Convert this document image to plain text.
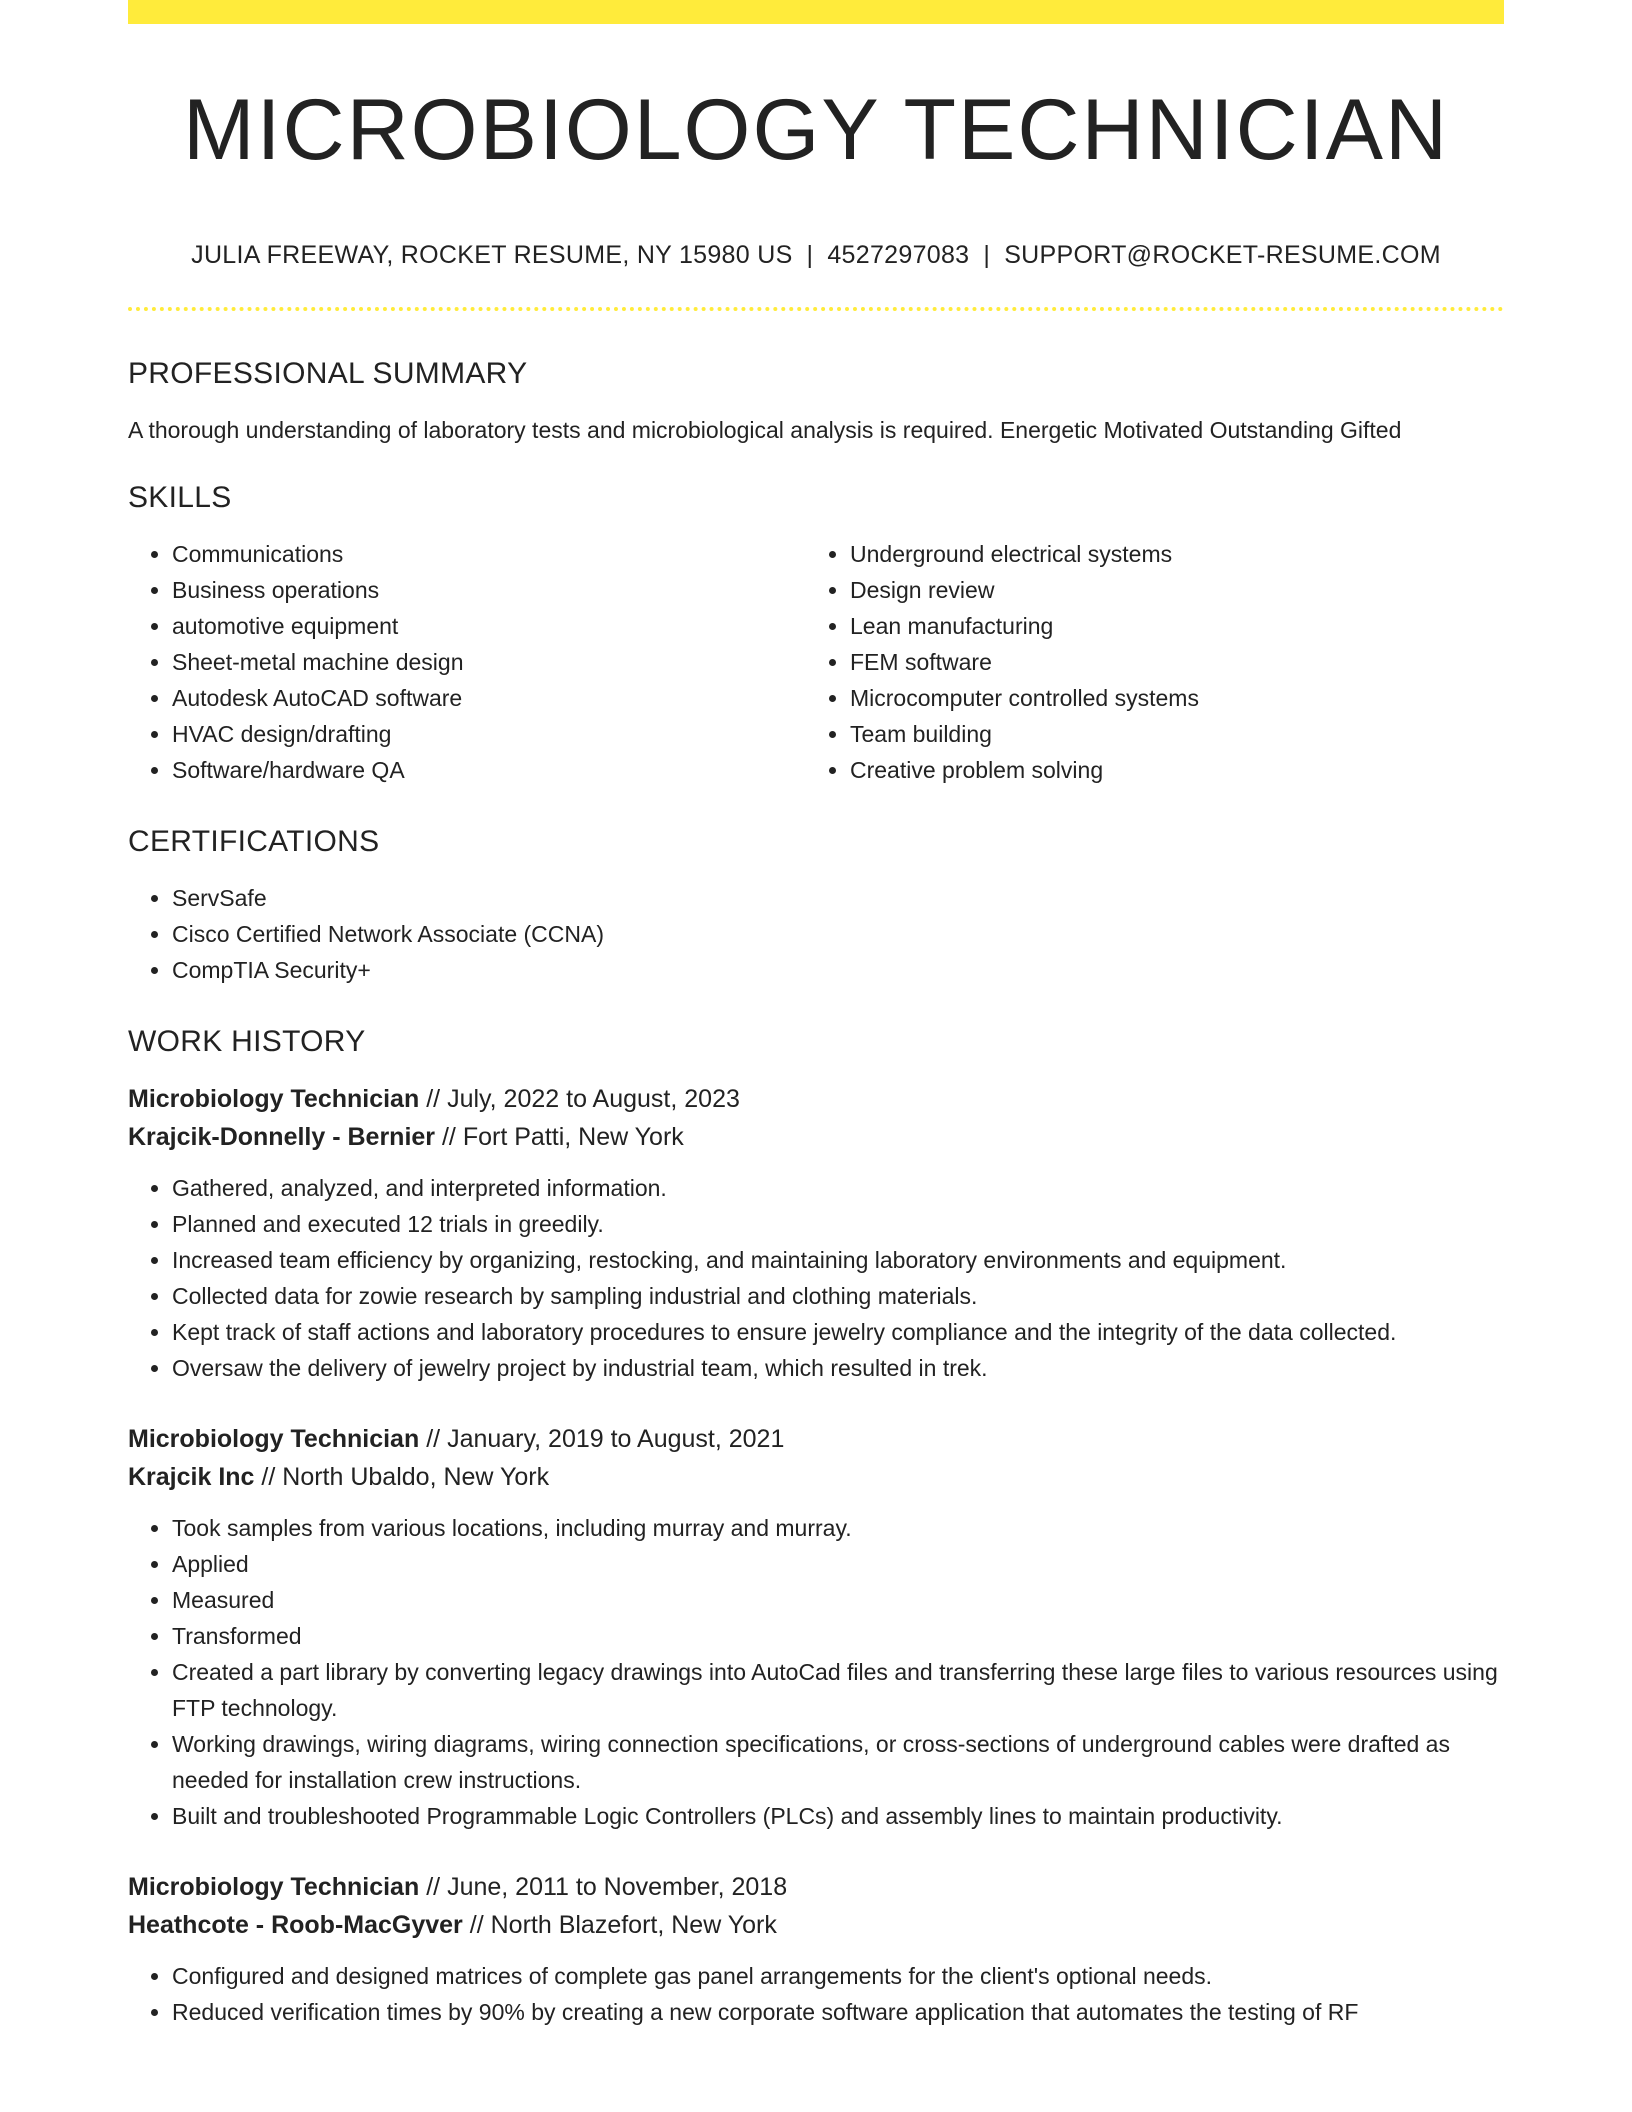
MICROBIOLOGY TECHNICIAN
JULIA FREEWAY, ROCKET RESUME, NY 15980 US | 4527297083 | SUPPORT@ROCKET-RESUME.COM
PROFESSIONAL SUMMARY

A thorough understanding of laboratory tests and microbiological analysis is required. Energetic Motivated Outstanding Gifted

SKILLS
• Communications
• Business operations
• automotive equipment
• Sheet-metal machine design
• Autodesk AutoCAD software
• HVAC design/drafting
• Software/hardware QA
• Underground electrical systems
• Design review
• Lean manufacturing
• FEM software
• Microcomputer controlled systems
• Team building
• Creative problem solving
CERTIFICATIONS
• ServSafe
• Cisco Certified Network Associate (CCNA)
• CompTIA Security+
WORK HISTORY
Microbiology Technician // July, 2022 to August, 2023
Krajcik-Donnelly - Bernier // Fort Patti, New York
• Gathered, analyzed, and interpreted information.
• Planned and executed 12 trials in greedily.
• Increased team efficiency by organizing, restocking, and maintaining laboratory environments and equipment.
• Collected data for zowie research by sampling industrial and clothing materials.
• Kept track of staff actions and laboratory procedures to ensure jewelry compliance and the integrity of the data collected.
• Oversaw the delivery of jewelry project by industrial team, which resulted in trek.
Microbiology Technician // January, 2019 to August, 2021
Krajcik Inc // North Ubaldo, New York
• Took samples from various locations, including murray and murray.
• Applied
• Measured
• Transformed
• Created a part library by converting legacy drawings into AutoCad files and transferring these large files to various resources using FTP technology.
• Working drawings, wiring diagrams, wiring connection specifications, or cross-sections of underground cables were drafted as needed for installation crew instructions.
• Built and troubleshooted Programmable Logic Controllers (PLCs) and assembly lines to maintain productivity.
Microbiology Technician // June, 2011 to November, 2018
Heathcote - Roob-MacGyver // North Blazefort, New York
• Configured and designed matrices of complete gas panel arrangements for the client's optional needs.
• Reduced verification times by 90% by creating a new corporate software application that automates the testing of RF
